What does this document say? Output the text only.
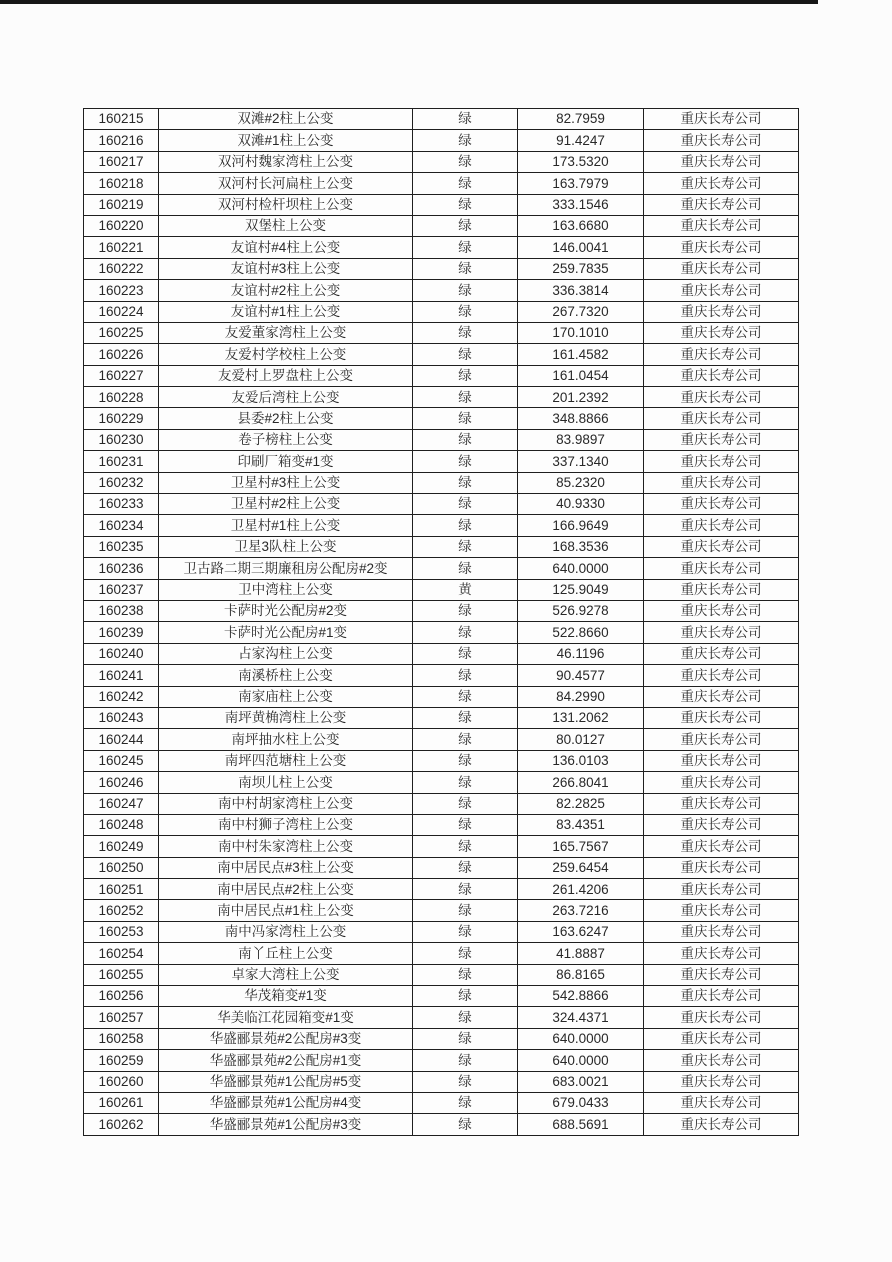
160215	双滩#2柱上公变	绿	82.7959	重庆长寿公司
160216	双滩#1柱上公变	绿	91.4247	重庆长寿公司
160217	双河村魏家湾柱上公变	绿	173.5320	重庆长寿公司
160218	双河村长河扁柱上公变	绿	163.7979	重庆长寿公司
160219	双河村检杆坝柱上公变	绿	333.1546	重庆长寿公司
160220	双堡柱上公变	绿	163.6680	重庆长寿公司
160221	友谊村#4柱上公变	绿	146.0041	重庆长寿公司
160222	友谊村#3柱上公变	绿	259.7835	重庆长寿公司
160223	友谊村#2柱上公变	绿	336.3814	重庆长寿公司
160224	友谊村#1柱上公变	绿	267.7320	重庆长寿公司
160225	友爱董家湾柱上公变	绿	170.1010	重庆长寿公司
160226	友爱村学校柱上公变	绿	161.4582	重庆长寿公司
160227	友爱村上罗盘柱上公变	绿	161.0454	重庆长寿公司
160228	友爱后湾柱上公变	绿	201.2392	重庆长寿公司
160229	县委#2柱上公变	绿	348.8866	重庆长寿公司
160230	卷子榜柱上公变	绿	83.9897	重庆长寿公司
160231	印刷厂箱变#1变	绿	337.1340	重庆长寿公司
160232	卫星村#3柱上公变	绿	85.2320	重庆长寿公司
160233	卫星村#2柱上公变	绿	40.9330	重庆长寿公司
160234	卫星村#1柱上公变	绿	166.9649	重庆长寿公司
160235	卫星3队柱上公变	绿	168.3536	重庆长寿公司
160236	卫古路二期三期廉租房公配房#2变	绿	640.0000	重庆长寿公司
160237	卫中湾柱上公变	黄	125.9049	重庆长寿公司
160238	卡萨时光公配房#2变	绿	526.9278	重庆长寿公司
160239	卡萨时光公配房#1变	绿	522.8660	重庆长寿公司
160240	占家沟柱上公变	绿	46.1196	重庆长寿公司
160241	南溪桥柱上公变	绿	90.4577	重庆长寿公司
160242	南家庙柱上公变	绿	84.2990	重庆长寿公司
160243	南坪黄桷湾柱上公变	绿	131.2062	重庆长寿公司
160244	南坪抽水柱上公变	绿	80.0127	重庆长寿公司
160245	南坪四范塘柱上公变	绿	136.0103	重庆长寿公司
160246	南坝儿柱上公变	绿	266.8041	重庆长寿公司
160247	南中村胡家湾柱上公变	绿	82.2825	重庆长寿公司
160248	南中村狮子湾柱上公变	绿	83.4351	重庆长寿公司
160249	南中村朱家湾柱上公变	绿	165.7567	重庆长寿公司
160250	南中居民点#3柱上公变	绿	259.6454	重庆长寿公司
160251	南中居民点#2柱上公变	绿	261.4206	重庆长寿公司
160252	南中居民点#1柱上公变	绿	263.7216	重庆长寿公司
160253	南中冯家湾柱上公变	绿	163.6247	重庆长寿公司
160254	南丫丘柱上公变	绿	41.8887	重庆长寿公司
160255	卓家大湾柱上公变	绿	86.8165	重庆长寿公司
160256	华茂箱变#1变	绿	542.8866	重庆长寿公司
160257	华美临江花园箱变#1变	绿	324.4371	重庆长寿公司
160258	华盛郦景苑#2公配房#3变	绿	640.0000	重庆长寿公司
160259	华盛郦景苑#2公配房#1变	绿	640.0000	重庆长寿公司
160260	华盛郦景苑#1公配房#5变	绿	683.0021	重庆长寿公司
160261	华盛郦景苑#1公配房#4变	绿	679.0433	重庆长寿公司
160262	华盛郦景苑#1公配房#3变	绿	688.5691	重庆长寿公司
